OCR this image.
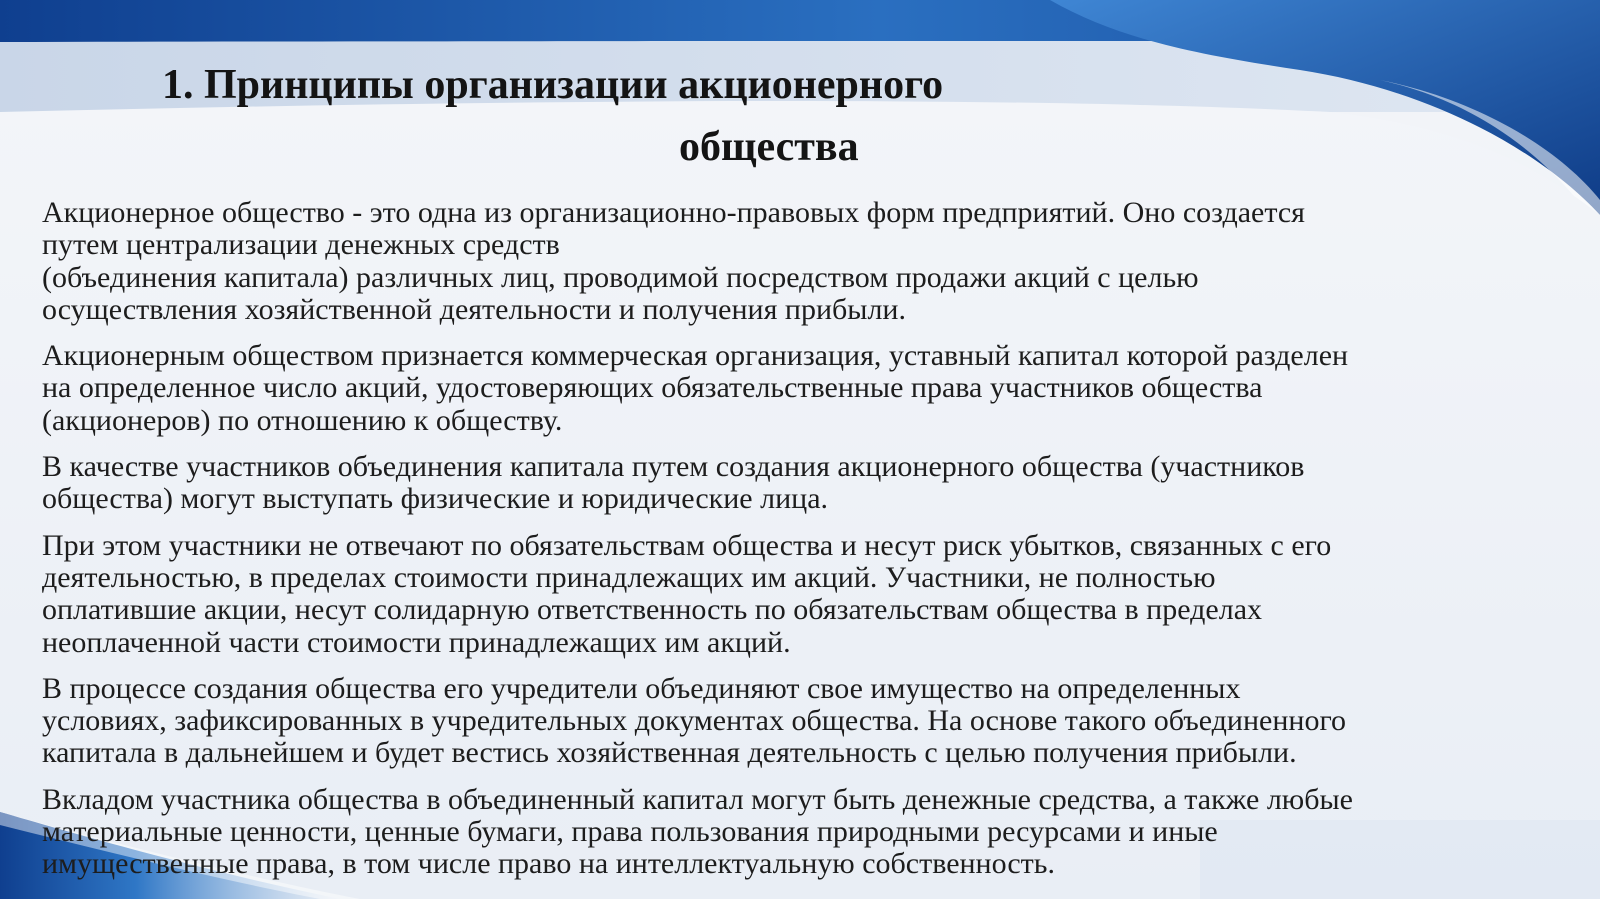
1. Принципы организации акционерного
общества

Акционерное общество - это одна из организационно-правовых форм предприятий. Оно создается
путем централизации денежных средств
(объединения капитала) различных лиц, проводимой посредством продажи акций с целью
осуществления хозяйственной деятельности и получения прибыли.

Акционерным обществом признается коммерческая организация, уставный капитал которой разделен
на определенное число акций, удостоверяющих обязательственные права участников общества
(акционеров) по отношению к обществу.

В качестве участников объединения капитала путем создания акционерного общества (участников
общества) могут выступать физические и юридические лица.

При этом участники не отвечают по обязательствам общества и несут риск убытков, связанных с его
деятельностью, в пределах стоимости принадлежащих им акций. Участники, не полностью
оплатившие акции, несут солидарную ответственность по обязательствам общества в пределах
неоплаченной части стоимости принадлежащих им акций.

В процессе создания общества его учредители объединяют свое имущество на определенных
условиях, зафиксированных в учредительных документах общества. На основе такого объединенного
капитала в дальнейшем и будет вестись хозяйственная деятельность с целью получения прибыли.

Вкладом участника общества в объединенный капитал могут быть денежные средства, а также любые
материальные ценности, ценные бумаги, права пользования природными ресурсами и иные
имущественные права, в том числе право на интеллектуальную собственность.
